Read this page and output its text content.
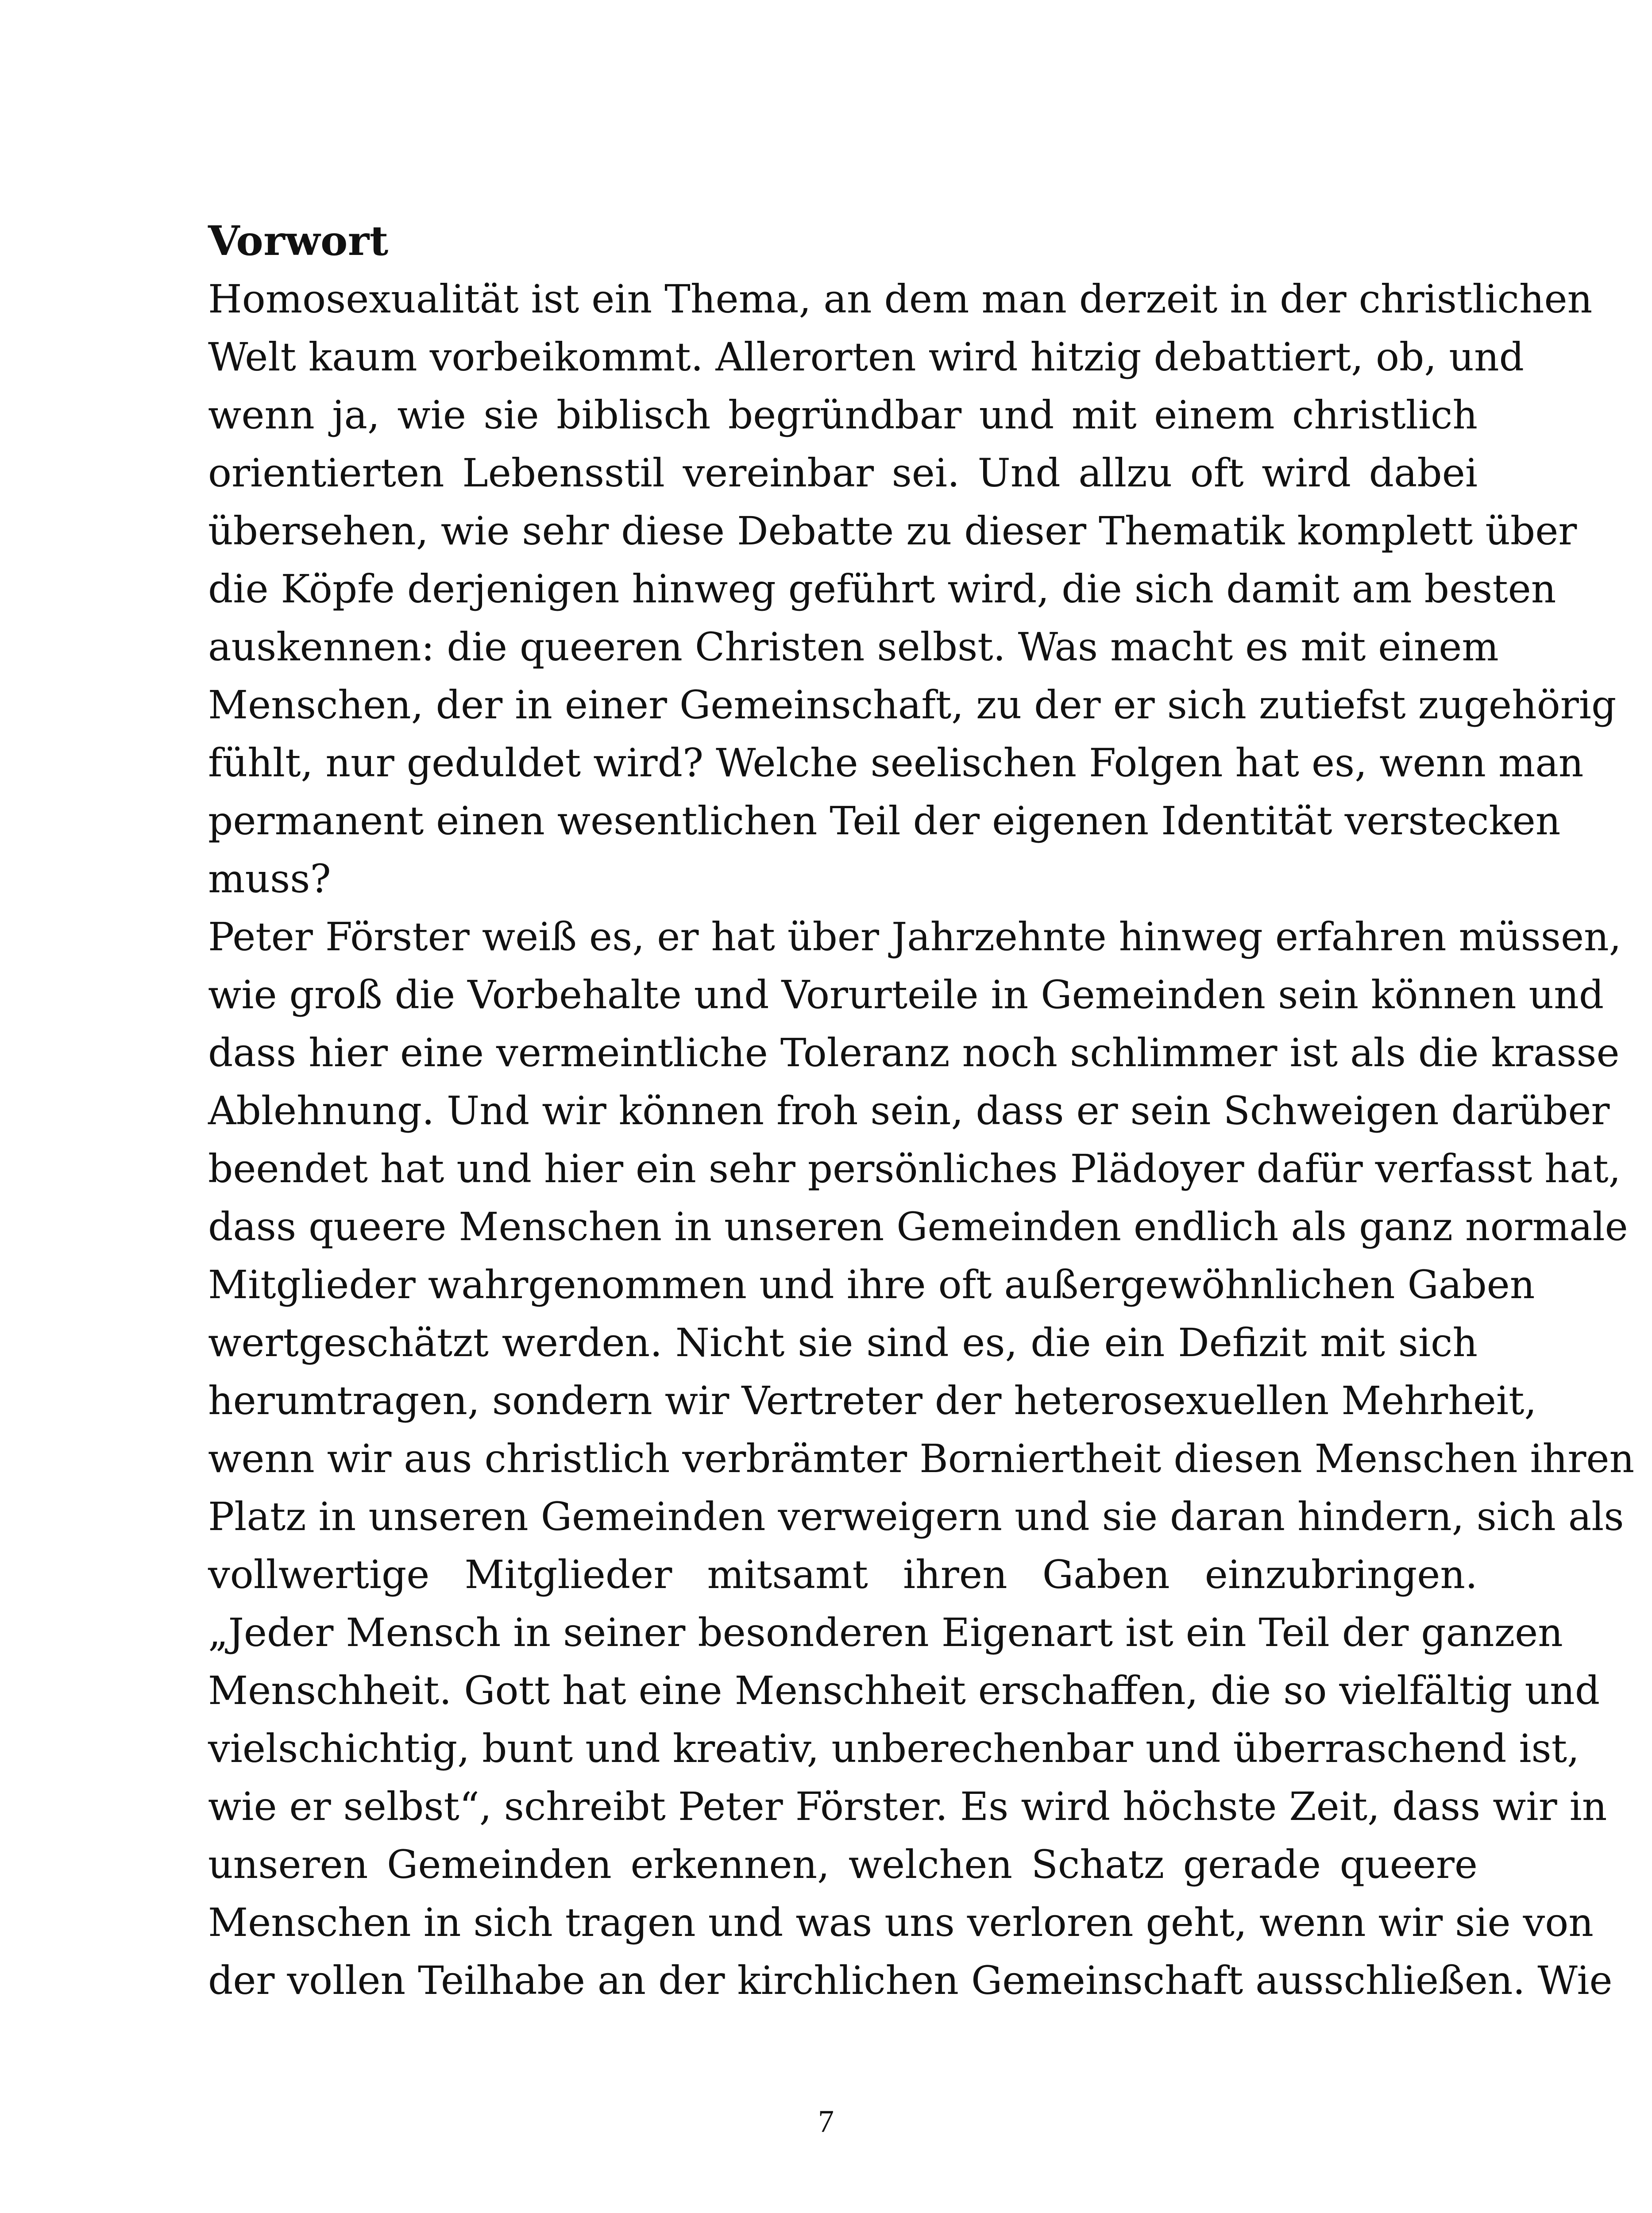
Vorwort
Homosexualität ist ein Thema, an dem man derzeit in der christlichen
Welt kaum vorbeikommt. Allerorten wird hitzig debattiert, ob, und
wenn ja, wie sie biblisch begründbar und mit einem christlich
orientierten Lebensstil vereinbar sei. Und allzu oft wird dabei
übersehen, wie sehr diese Debatte zu dieser Thematik komplett über
die Köpfe derjenigen hinweg geführt wird, die sich damit am besten
auskennen: die queeren Christen selbst. Was macht es mit einem
Menschen, der in einer Gemeinschaft, zu der er sich zutiefst zugehörig
fühlt, nur geduldet wird? Welche seelischen Folgen hat es, wenn man
permanent einen wesentlichen Teil der eigenen Identität verstecken
muss?
Peter Förster weiß es, er hat über Jahrzehnte hinweg erfahren müssen,
wie groß die Vorbehalte und Vorurteile in Gemeinden sein können und
dass hier eine vermeintliche Toleranz noch schlimmer ist als die krasse
Ablehnung. Und wir können froh sein, dass er sein Schweigen darüber
beendet hat und hier ein sehr persönliches Plädoyer dafür verfasst hat,
dass queere Menschen in unseren Gemeinden endlich als ganz normale
Mitglieder wahrgenommen und ihre oft außergewöhnlichen Gaben
wertgeschätzt werden. Nicht sie sind es, die ein Defizit mit sich
herumtragen, sondern wir Vertreter der heterosexuellen Mehrheit,
wenn wir aus christlich verbrämter Borniertheit diesen Menschen ihren
Platz in unseren Gemeinden verweigern und sie daran hindern, sich als
vollwertige Mitglieder mitsamt ihren Gaben einzubringen.
„Jeder Mensch in seiner besonderen Eigenart ist ein Teil der ganzen
Menschheit. Gott hat eine Menschheit erschaffen, die so vielfältig und
vielschichtig, bunt und kreativ, unberechenbar und überraschend ist,
wie er selbst“, schreibt Peter Förster. Es wird höchste Zeit, dass wir in
unseren Gemeinden erkennen, welchen Schatz gerade queere
Menschen in sich tragen und was uns verloren geht, wenn wir sie von
der vollen Teilhabe an der kirchlichen Gemeinschaft ausschließen. Wie
7
